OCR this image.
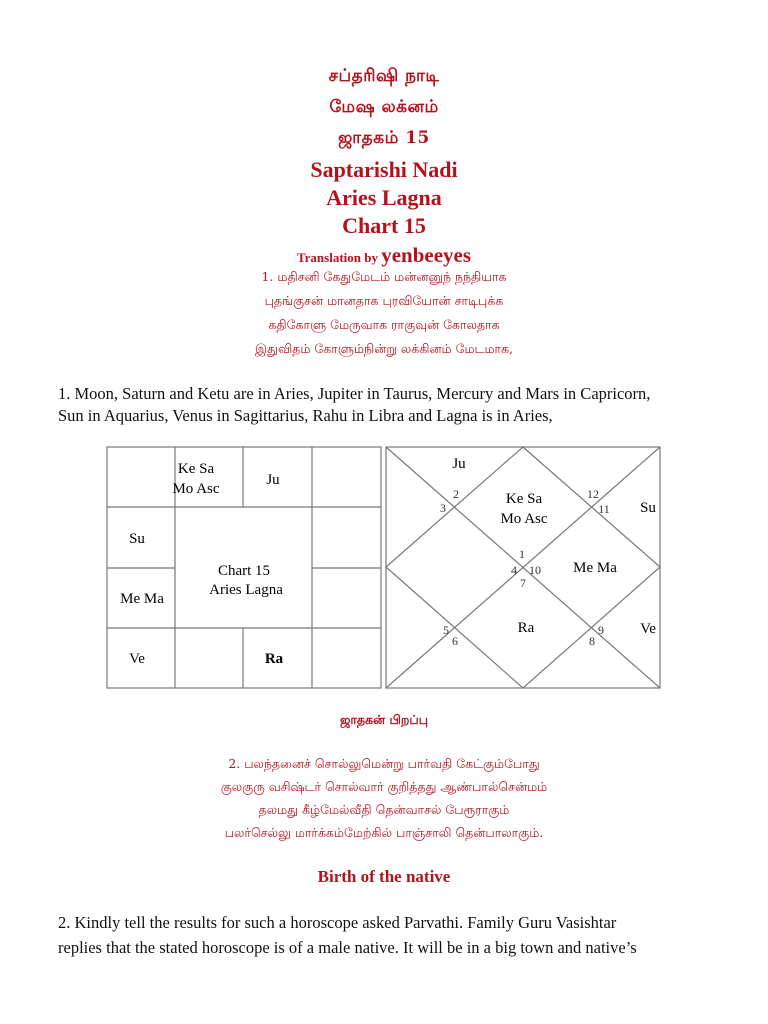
சப்தரிஷி நாடி
மேஷ லக்னம்
ஜாதகம் 15
Saptarishi Nadi
Aries Lagna
Chart 15
Translation by yenbeeyes
1. மதிசனி கேதுமேடம் மன்னனுந் நந்தியாக
புதங்குசன் மானதாக புரவியோன் சாடிபுக்க
கதிகோளு மேருவாக ராகுவுன் கோலதாக
இதுவிதம் கோளும்நின்று லக்கினம் மேடமாக,
1. Moon, Saturn and Ketu are in Aries, Jupiter in Taurus, Mercury and Mars in Capricorn,
Sun in Aquarius, Venus in Sagittarius, Rahu in Libra and Lagna is in Aries,
Ke Sa
Mo Asc
Ju
Su
Me Ma
Ve	Ra
Chart 15
Aries Lagna
Ju
Ke Sa
Mo Asc
Su
Me Ma
Ra	Ve
1
2
3
4
5
6
7
8
9
10
11
12
ஜாதகன் பிறப்பு
2. பலந்தனைச் சொல்லுமென்று பார்வதி கேட்கும்போது
குலகுரு வசிஷ்டர் சொல்வார் குறித்தது ஆண்பால்சென்மம்
தலமது கீழ்மேல்வீதி தென்வாசல் பேரூராகும்
பலர்செல்லு மார்க்கம்மேற்கில் பாஞ்சாலி தென்பாலாகும்.
Birth of the native
2. Kindly tell the results for such a horoscope asked Parvathi. Family Guru Vasishtar
replies that the stated horoscope is of a male native. It will be in a big town and native’s
